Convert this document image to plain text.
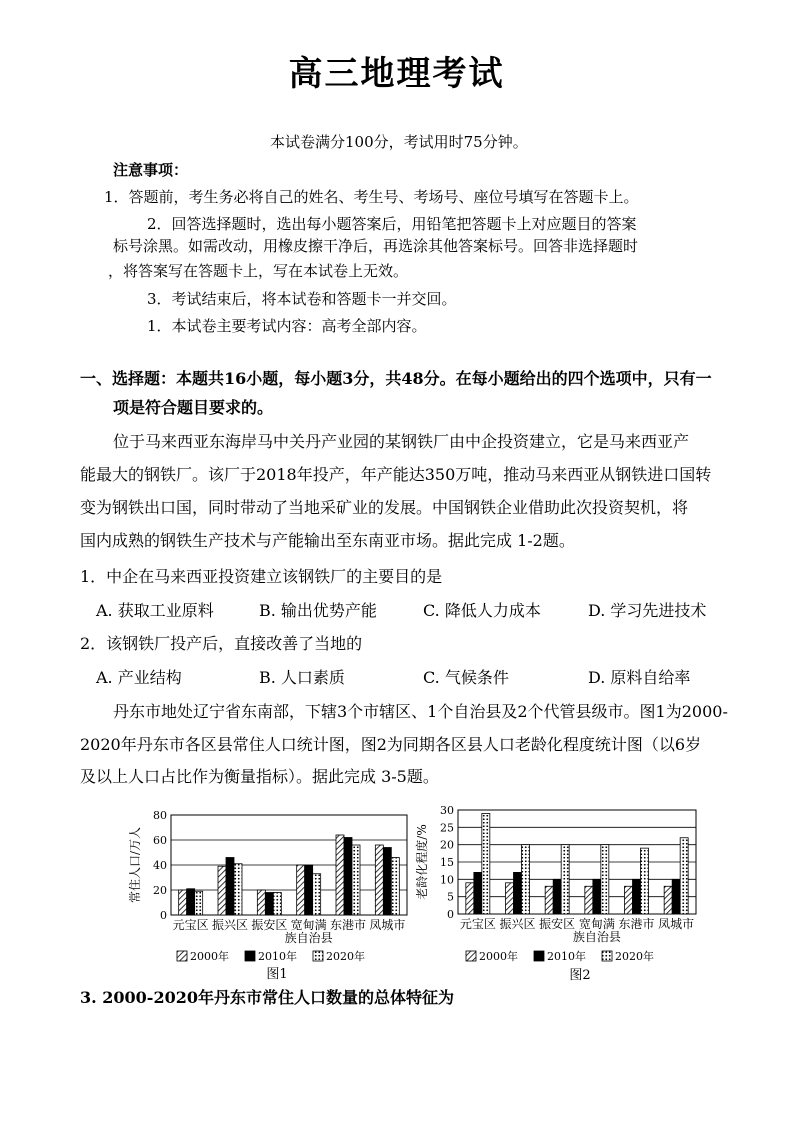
高三地理考试
本试卷满分100分，考试用时75分钟。
注意事项：
1．答题前，考生务必将自己的姓名、考生号、考场号、座位号填写在答题卡上。
2．回答选择题时，选出每小题答案后，用铅笔把答题卡上对应题目的答案
标号涂黑。如需改动，用橡皮擦干净后，再选涂其他答案标号。回答非选择题时
，将答案写在答题卡上，写在本试卷上无效。
3．考试结束后，将本试卷和答题卡一并交回。
1．本试卷主要考试内容：高考全部内容。
一、选择题：本题共16小题，每小题3分，共48分。在每小题给出的四个选项中，只有一
项是符合题目要求的。
位于马来西亚东海岸马中关丹产业园的某钢铁厂由中企投资建立，它是马来西亚产
能最大的钢铁厂。该厂于2018年投产，年产能达350万吨，推动马来西亚从钢铁进口国转
变为钢铁出口国，同时带动了当地采矿业的发展。中国钢铁企业借助此次投资契机，将
国内成熟的钢铁生产技术与产能输出至东南亚市场。据此完成 1-2题。
1．中企在马来西亚投资建立该钢铁厂的主要目的是
A. 获取工业原料	B. 输出优势产能	C. 降低人力成本	D. 学习先进技术
2．该钢铁厂投产后，直接改善了当地的
A. 产业结构	B. 人口素质	C. 气候条件	D. 原料自给率
丹东市地处辽宁省东南部，下辖3个市辖区、1个自治县及2个代管县级市。图1为2000-
2020年丹东市各区县常住人口统计图，图2为同期各区县人口老龄化程度统计图（以6岁
及以上人口占比作为衡量指标）。据此完成 3-5题。
常住人口/万人
0
20
40
60
80
元宝区 振兴区 振安区 宽甸满
族自治县
东港市 凤城市
2000年	2010年	2020年
图1
老龄化程度/%
0
5
10
15
20
25
30
元宝区 振兴区 振安区 宽甸满
族自治县
东港市 凤城市
2000年	2010年	2020年
图2
3. 2000-2020年丹东市常住人口数量的总体特征为
